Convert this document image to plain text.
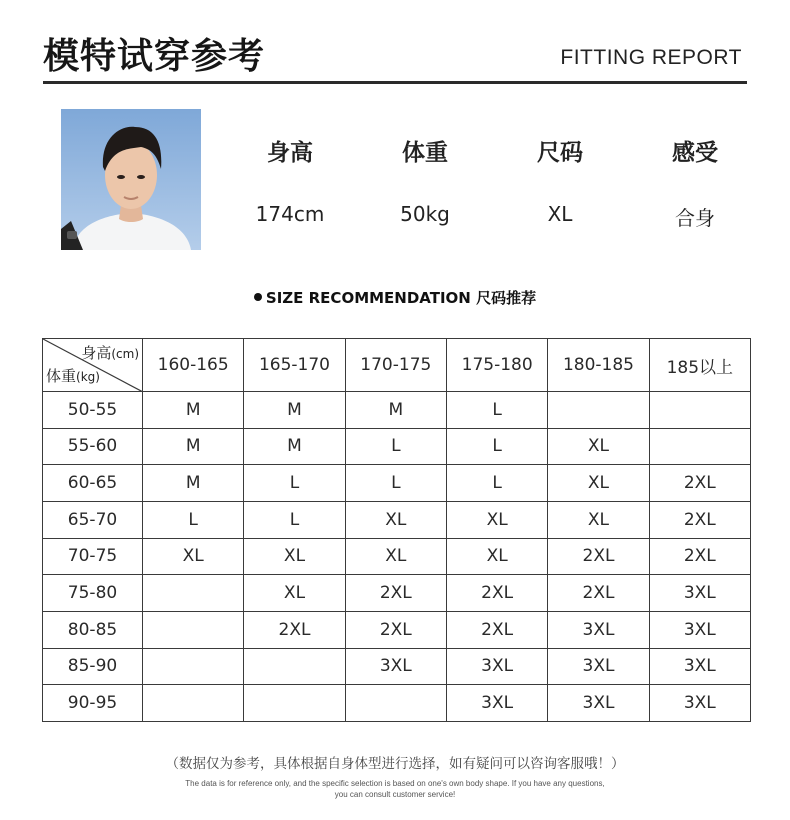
模特试穿参考	FITTING REPORT
身高	体重	尺码	感受
174cm	50kg	XL	合身
SIZE RECOMMENDATION 尺码推荐
身高(cm)
体重(kg)	160-165	165-170	170-175	175-180	180-185	185以上
50-55	M	M	M	L		
55-60	M	M	L	L	XL	
60-65	M	L	L	L	XL	2XL
65-70	L	L	XL	XL	XL	2XL
70-75	XL	XL	XL	XL	2XL	2XL
75-80		XL	2XL	2XL	2XL	3XL
80-85		2XL	2XL	2XL	3XL	3XL
85-90			3XL	3XL	3XL	3XL
90-95				3XL	3XL	3XL
（数据仅为参考，具体根据自身体型进行选择，如有疑问可以咨询客服哦！）
The data is for reference only, and the specific selection is based on one's own body shape. If you have any questions,
you can consult customer service!
